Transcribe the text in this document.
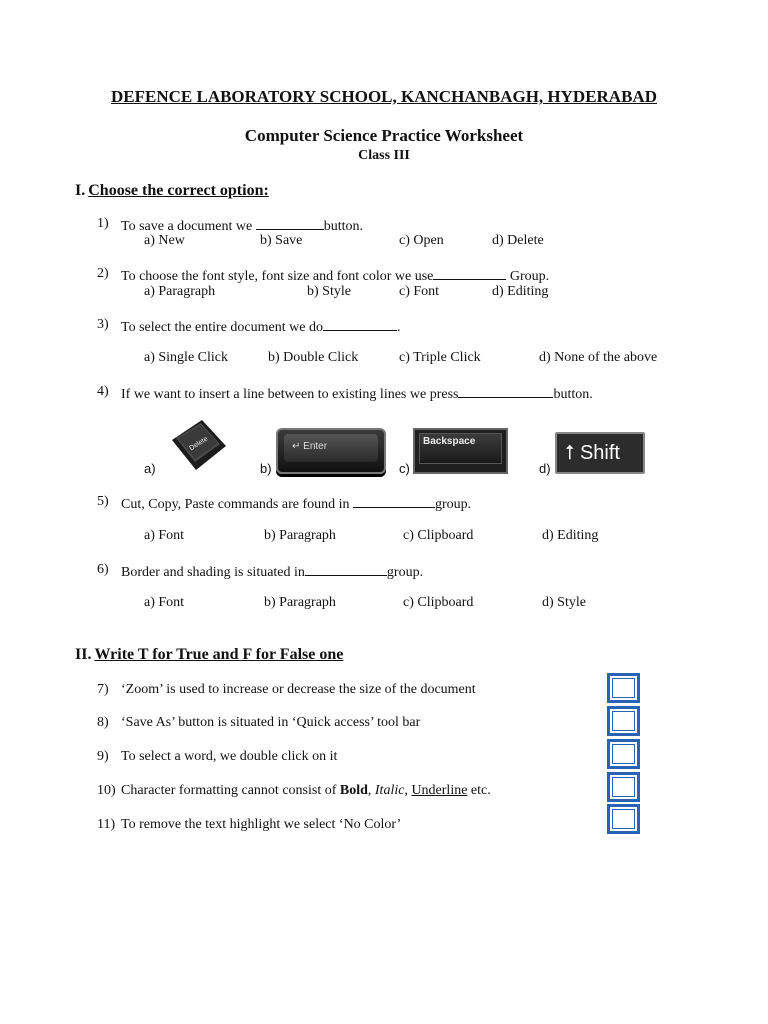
DEFENCE LABORATORY SCHOOL, KANCHANBAGH, HYDERABAD
Computer Science Practice Worksheet
Class III
I. Choose the correct option:
1) To save a document we	button.
a) New	b) Save	c) Open	d) Delete
2) To choose the font style, font size and font color we use	Group.
a) Paragraph	b) Style	c) Font	d) Editing
3) To select the entire document we do	.
a) Single Click	b) Double Click	c) Triple Click	d) None of the above
4) If we want to insert a line between to existing lines we press	button.
a)
Delete
b)
↵ Enter
c)
Backspace
d)
⭡ Shift
5) Cut, Copy, Paste commands are found in	group.
a) Font	b) Paragraph	c) Clipboard	d) Editing
6) Border and shading is situated in	group.
a) Font	b) Paragraph	c) Clipboard	d) Style
II. Write T for True and F for False one
7) ‘Zoom’ is used to increase or decrease the size of the document
8) ‘Save As’ button is situated in ‘Quick access’ tool bar
9) To select a word, we double click on it
10) Character formatting cannot consist of Bold, Italic, Underline etc.
11) To remove the text highlight we select ‘No Color’
